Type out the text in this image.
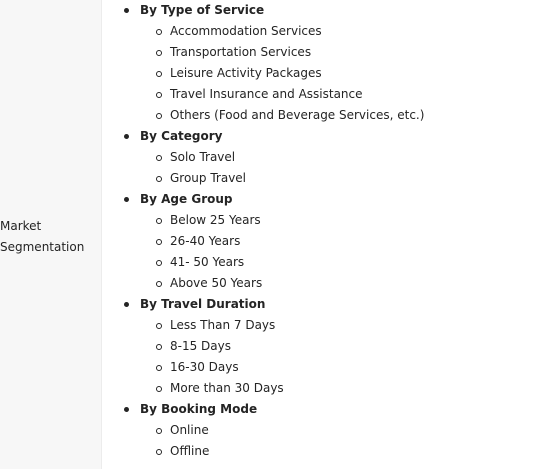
Market
Segmentation
By Type of Service
Accommodation Services
Transportation Services
Leisure Activity Packages
Travel Insurance and Assistance
Others (Food and Beverage Services, etc.)
By Category
Solo Travel
Group Travel
By Age Group
Below 25 Years
26-40 Years
41- 50 Years
Above 50 Years
By Travel Duration
Less Than 7 Days
8-15 Days
16-30 Days
More than 30 Days
By Booking Mode
Online
Offline
